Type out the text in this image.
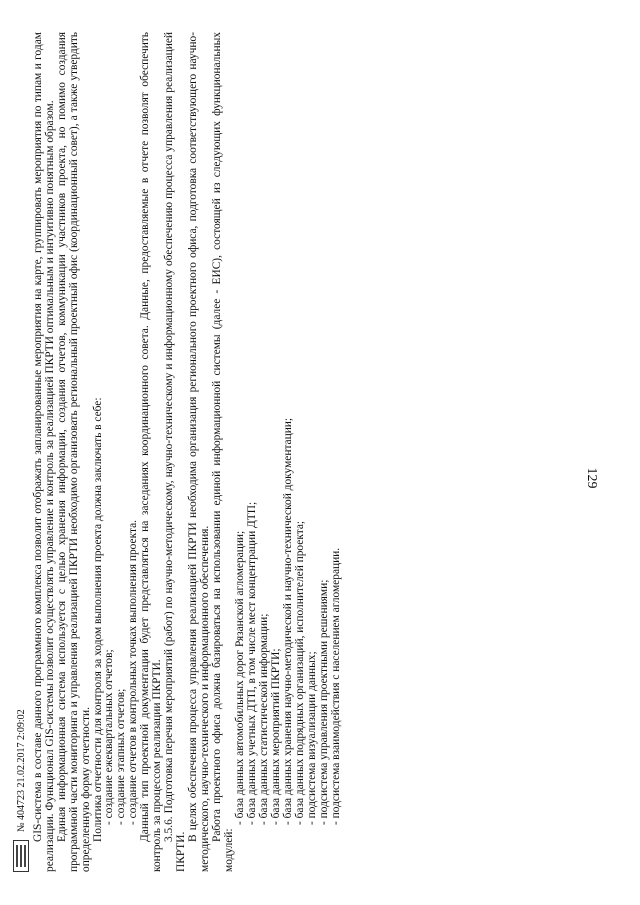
129

GIS-система в составе данного программного комплекса позволит отображать запланированные мероприятия на карте, группировать мероприятия по типам и годам реализации. Функционал GIS-системы позволит осуществлять управление и контроль за реализацией ПКРТИ оптимальным и интуитивно понятным образом. Единая информационная система используется с целью хранения информации, создания отчетов, коммуникации участников проекта, но помимо создания программной части мониторинга и управления реализацией ПКРТИ необходимо организовать региональный проектный офис (координационный совет), а также утвердить определенную форму отчетности. Политика отчетности для контроля за ходом выполнения проекта должна заключать в себе: - создание ежеквартальных отчетов; - создание этапных отчетов; - создание отчетов в контрольных точках выполнения проекта. Данный тип проектной документации будет представляться на заседаниях координационного совета. Данные, предоставляемые в отчете позволят обеспечить контроль за процессом реализации ПКРТИ. 3.5.6. Подготовка перечня мероприятий (работ) по научно-методическому, научно-техническому и информационному обеспечению процесса управления реализацией ПКРТИ.

В целях обеспечения процесса управления реализацией ПКРТИ необходима организация регионального проектного офиса, подготовка соответствующего научно-методического, научно-технического и информационного обеспечения. Работа проектного офиса должна базироваться на использовании единой информационной системы (далее - ЕИС), состоящей из следующих функциональных модулей:

- база данных автомобильных дорог Рязанской агломерации; - база данных учетных ДТП, в том числе мест концентрации ДТП; - база данных статистической информации; - база данных мероприятий ПКРТИ; - база данных хранения научно-методической и научно-технической документации; - база данных подрядных организаций, исполнителей проекта; - подсистема визуализации данных; - подсистема управления проектными решениями; - подсистема взаимодействия с населением агломерации.

№ 404723 21.02.2017 2:09:02
